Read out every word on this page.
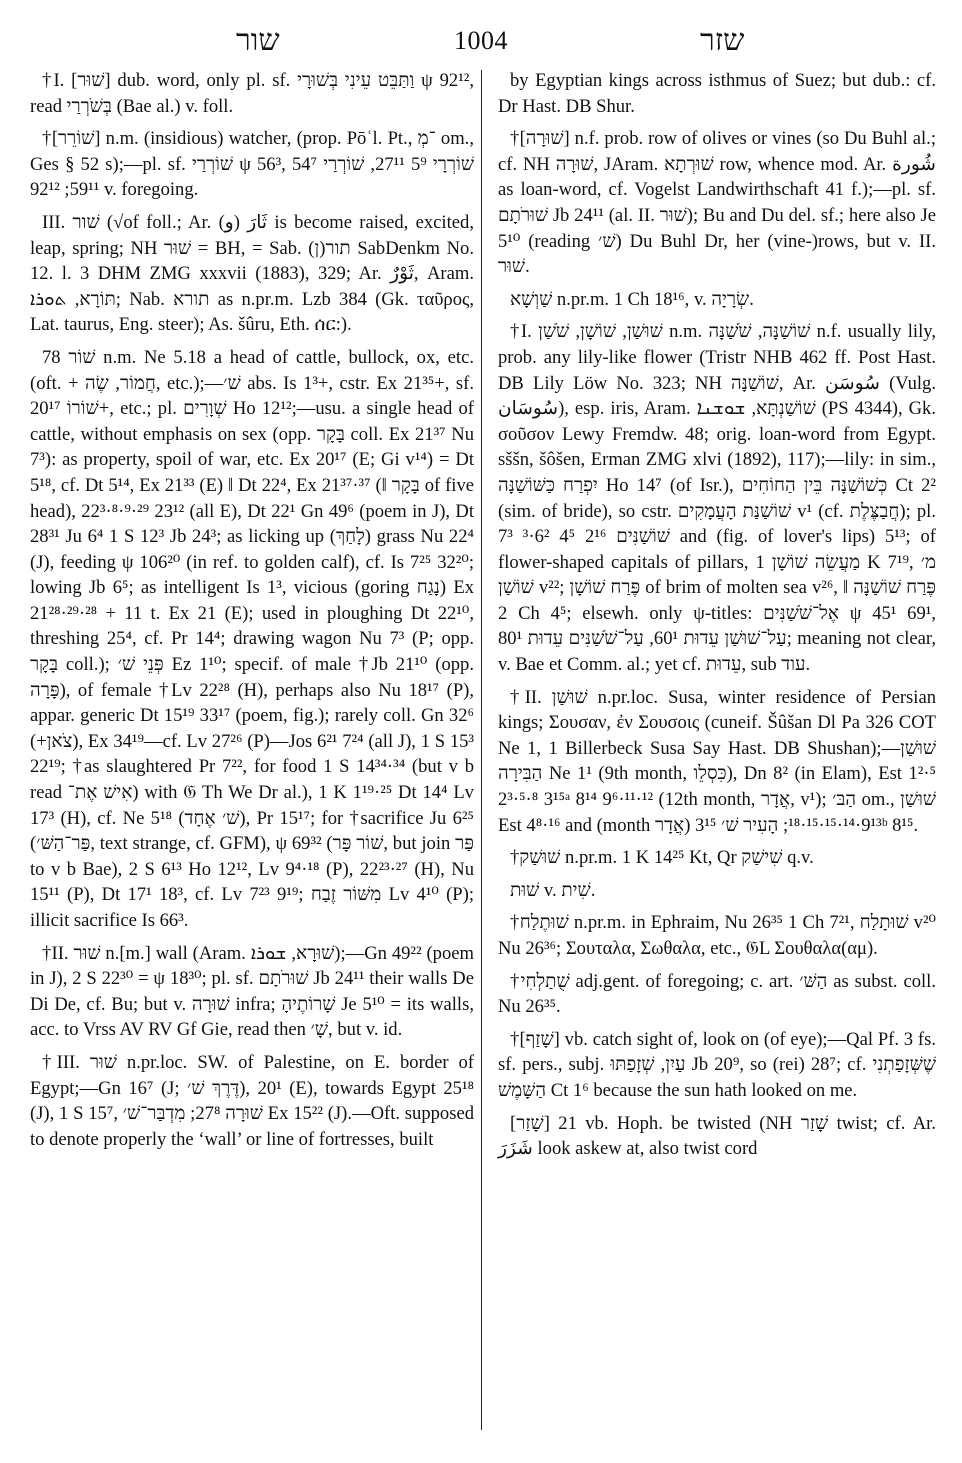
שור	1004	שזר

†I. [שׁוּר] dub. word, only pl. sf. וַתַּבֵּט עֵינִי בְּשׁוּרָי ψ 92¹², read בְּשֹׁרְרַי (Bae al.) v. foll.

†[שׁוֹרֵר] n.m. (insidious) watcher, (prop. Pōʿl. Pt., ־מְ om., Ges § 52 s);—pl. sf. שׁוֹרְרַי ψ 56³, שׁוֹרְרָי 5⁹ 27¹¹, שׁוֹרְרַי 54⁷ 59¹¹; 92¹² v. foregoing.

III. שׁור (√of foll.; Ar. ثَارَ (و) is become raised, excited, leap, spring; NH שׁוּר = BH, = Sab. (ן)תור SabDenkm No. 12. l. 3 DHM ZMG xxxvii (1883), 329; Ar. ثَوْرٌ, Aram. תּוֹרָא, ܬܘܪܐ; Nab. תורא as n.pr.m. Lzb 384 (Gk. ταῦρος, Lat. taurus, Eng. steer); As. šûru, Eth. ሰር:).

שׁוֹר 78 n.m. Ne 5.18 a head of cattle, bullock, ox, etc. (oft. + חֲמוֹר, שֶׂה, etc.);—שׁ׳ abs. Is 1³+, cstr. Ex 21³⁵+, sf. שׁוֹרוֹ 20¹⁷+, etc.; pl. שְׁוָרִים Ho 12¹²;—usu. a single head of cattle, without emphasis on sex (opp. בָּקָר coll. Ex 21³⁷ Nu 7³): as property, spoil of war, etc. Ex 20¹⁷ (E; Gi v¹⁴) = Dt 5¹⁸, cf. Dt 5¹⁴, Ex 21³³ (E) ‖ Dt 22⁴, Ex 21³⁷·³⁷ (‖ בָּקָר of five head), 22³·⁸·⁹·²⁹ 23¹² (all E), Dt 22¹ Gn 49⁶ (poem in J), Dt 28³¹ Ju 6⁴ 1 S 12³ Jb 24³; as licking up (לָחַךְ) grass Nu 22⁴ (J), feeding ψ 106²⁰ (in ref. to golden calf), cf. Is 7²⁵ 32²⁰; lowing Jb 6⁵; as intelligent Is 1³, vicious (goring נָגַח) Ex 21²⁸·²⁹·²⁸ + 11 t. Ex 21 (E); used in ploughing Dt 22¹⁰, threshing 25⁴, cf. Pr 14⁴; drawing wagon Nu 7³ (P; opp. בָּקָר coll.); פְּנֵי שׁ׳ Ez 1¹⁰; specif. of male †Jb 21¹⁰ (opp. פָּרָה), of female †Lv 22²⁸ (H), perhaps also Nu 18¹⁷ (P), appar. generic Dt 15¹⁹ 33¹⁷ (poem, fig.); rarely coll. Gn 32⁶ (+צֹאן), Ex 34¹⁹—cf. Lv 27²⁶ (P)—Jos 6²¹ 7²⁴ (all J), 1 S 15³ 22¹⁹; †as slaughtered Pr 7²², for food 1 S 14³⁴·³⁴ (but v b read אִישׁ אֶת־) with 𝔊 Th We Dr al.), 1 K 1¹⁹·²⁵ Dt 14⁴ Lv 17³ (H), cf. Ne 5¹⁸ (שׁ׳ אֶחָד), Pr 15¹⁷; for †sacrifice Ju 6²⁵ (פַּר־הַשּׁ׳, text strange, cf. GFM), ψ 69³² (שׁוֹר פָּר, but join פַּר to v b Bae), 2 S 6¹³ Ho 12¹², Lv 9⁴·¹⁸ (P), 22²³·²⁷ (H), Nu 15¹¹ (P), Dt 17¹ 18³, cf. Lv 7²³ 9¹⁹; מִשּׁוֹר זֶבַח Lv 4¹⁰ (P); illicit sacrifice Is 66³.

†II. שׁוּר n.[m.] wall (Aram. שׁוּרָא, ܫܘܪܐ);—Gn 49²² (poem in J), 2 S 22³⁰ = ψ 18³⁰; pl. sf. שׁוּרֹתָם Jb 24¹¹ their walls De Di De, cf. Bu; but v. שׁוּרָה infra; שָׁרוֹתֶיהָ Je 5¹⁰ = its walls, acc. to Vrss AV RV Gf Gie, read then שָׁ׳, but v. id.

†III. שׁוּר n.pr.loc. SW. of Palestine, on E. border of Egypt;—Gn 16⁷ (J; דֶּרֶךְ שׁ׳), 20¹ (E), towards Egypt 25¹⁸ (J), 1 S 15⁷, שׁוּרָה 27⁸; מִדְבַּר־שׁ׳ Ex 15²² (J).—Oft. supposed to denote properly the ‘wall’ or line of fortresses, built

by Egyptian kings across isthmus of Suez; but dub.: cf. Dr Hast. DB Shur.

†[שׁוּרָה] n.f. prob. row of olives or vines (so Du Buhl al.; cf. NH שׁוּרָה, JAram. שׁוּרְתָא row, whence mod. Ar. شُورة as loan-word, cf. Vogelst Landwirthschaft 41 f.);—pl. sf. שׁוּרֹתָם Jb 24¹¹ (al. II. שׁוּר); Bu and Du del. sf.; here also Je 5¹⁰ (reading שׁ׳) Du Buhl Dr, her (vine-)rows, but v. II. שׁוּר.

שַׁוְשָׁא n.pr.m. 1 Ch 18¹⁶, v. שְׂרָיָה.

†I. שׁוּשַׁן, שׁוֹשָׁן, שֹׁשַׁן n.m. שׁוֹשַׁנָּה, שֹׁשַׁנָּה n.f. usually lily, prob. any lily-like flower (Tristr NHB 462 ff. Post Hast. DB Lily Löw No. 323; NH שׁוֹשַׁנָּה, Ar. سُوسَن (Vulg. سُوسَان), esp. iris, Aram. שׁוֹשַׁנְתָּא, ܫܘܫܢܐ (PS 4344), Gk. σοῦσον Lewy Fremdw. 48; orig. loan-word from Egypt. sššn, šôšen, Erman ZMG xlvi (1892), 117);—lily: in sim., יִפְרַח כַּשּׁוֹשַׁנָּה Ho 14⁷ (of Isr.), כְּשׁוֹשַׁנָּה בֵּין הַחוֹחִים Ct 2² (sim. of bride), so cstr. שׁוֹשַׁנַּת הָעֲמָקִים v¹ (cf. חֲבַצֶּלֶת); pl. שׁוֹשַׁנִּים 2¹⁶ 4⁵ 6²·³ 7³ and (fig. of lover's lips) 5¹³; of flower-shaped capitals of pillars, מַעֲשֵׂה שׁוֹשָׁן 1 K 7¹⁹, מ׳ שׁוֹשַׁן v²²; פֶּרַח שׁוֹשָׁן of brim of molten sea v²⁶, ‖ פֶּרַח שׁוֹשַׁנָּה 2 Ch 4⁵; elsewh. only ψ-titles: אֶל־שֹׁשַׁנִּים ψ 45¹ 69¹, עַל־שׁוּשַׁן עֵדוּת 60¹, עַל־שֹׁשַׁנִּים עֵדוּת 80¹; meaning not clear, v. Bae et Comm. al.; yet cf. עֵדוּת, sub עוד.

†II. שׁוּשַׁן n.pr.loc. Susa, winter residence of Persian kings; Σουσαν, ἐν Σουσοις (cuneif. Šûšan Dl Pa 326 COT Ne 1, 1 Billerbeck Susa Say Hast. DB Shushan);—שׁוּשַׁן הַבִּירָה Ne 1¹ (9th month, כִּסְלֵו), Dn 8² (in Elam), Est 1²·⁵ 2³·⁵·⁸ 3¹⁵ᵃ 8¹⁴ 9⁶·¹¹·¹² (12th month, אֲדָר, v¹); הַבּ׳ om., שׁוּשַׁן Est 4⁸·¹⁶ and (month אֲדָר) 9¹³·¹⁴·¹⁵·¹⁵·¹⁸; הָעִיר שׁ׳ 3¹⁵ᵇ 8¹⁵.

†שׁוּשַׁק n.pr.m. 1 K 14²⁵ Kt, Qr שִׁישַׁק q.v.

שׁוּת v. שִׁית.

†שׁוּתֶלַח n.pr.m. in Ephraim, Nu 26³⁵ 1 Ch 7²¹, שׁוּתָלַח v²⁰ Nu 26³⁶; Σουταλα, Σωθαλα, etc., 𝔊L Σουθαλα(αμ).

†שֻׁתַלְחִי adj.gent. of foregoing; c. art. הַשּׁ׳ as subst. coll. Nu 26³⁵.

†[שָׁזַף] vb. catch sight of, look on (of eye);—Qal Pf. 3 fs. sf. pers., subj. עַיִן, שְׁזָפַתּוּ Jb 20⁹, so (rei) 28⁷; cf. שֶׁשְּׁזָפַתְנִי הַשָּׁמֶשׁ Ct 1⁶ because the sun hath looked on me.

[שָׁזַר] 21 vb. Hoph. be twisted (NH שָׁזַר twist; cf. Ar. شَزَرَ look askew at, also twist cord
